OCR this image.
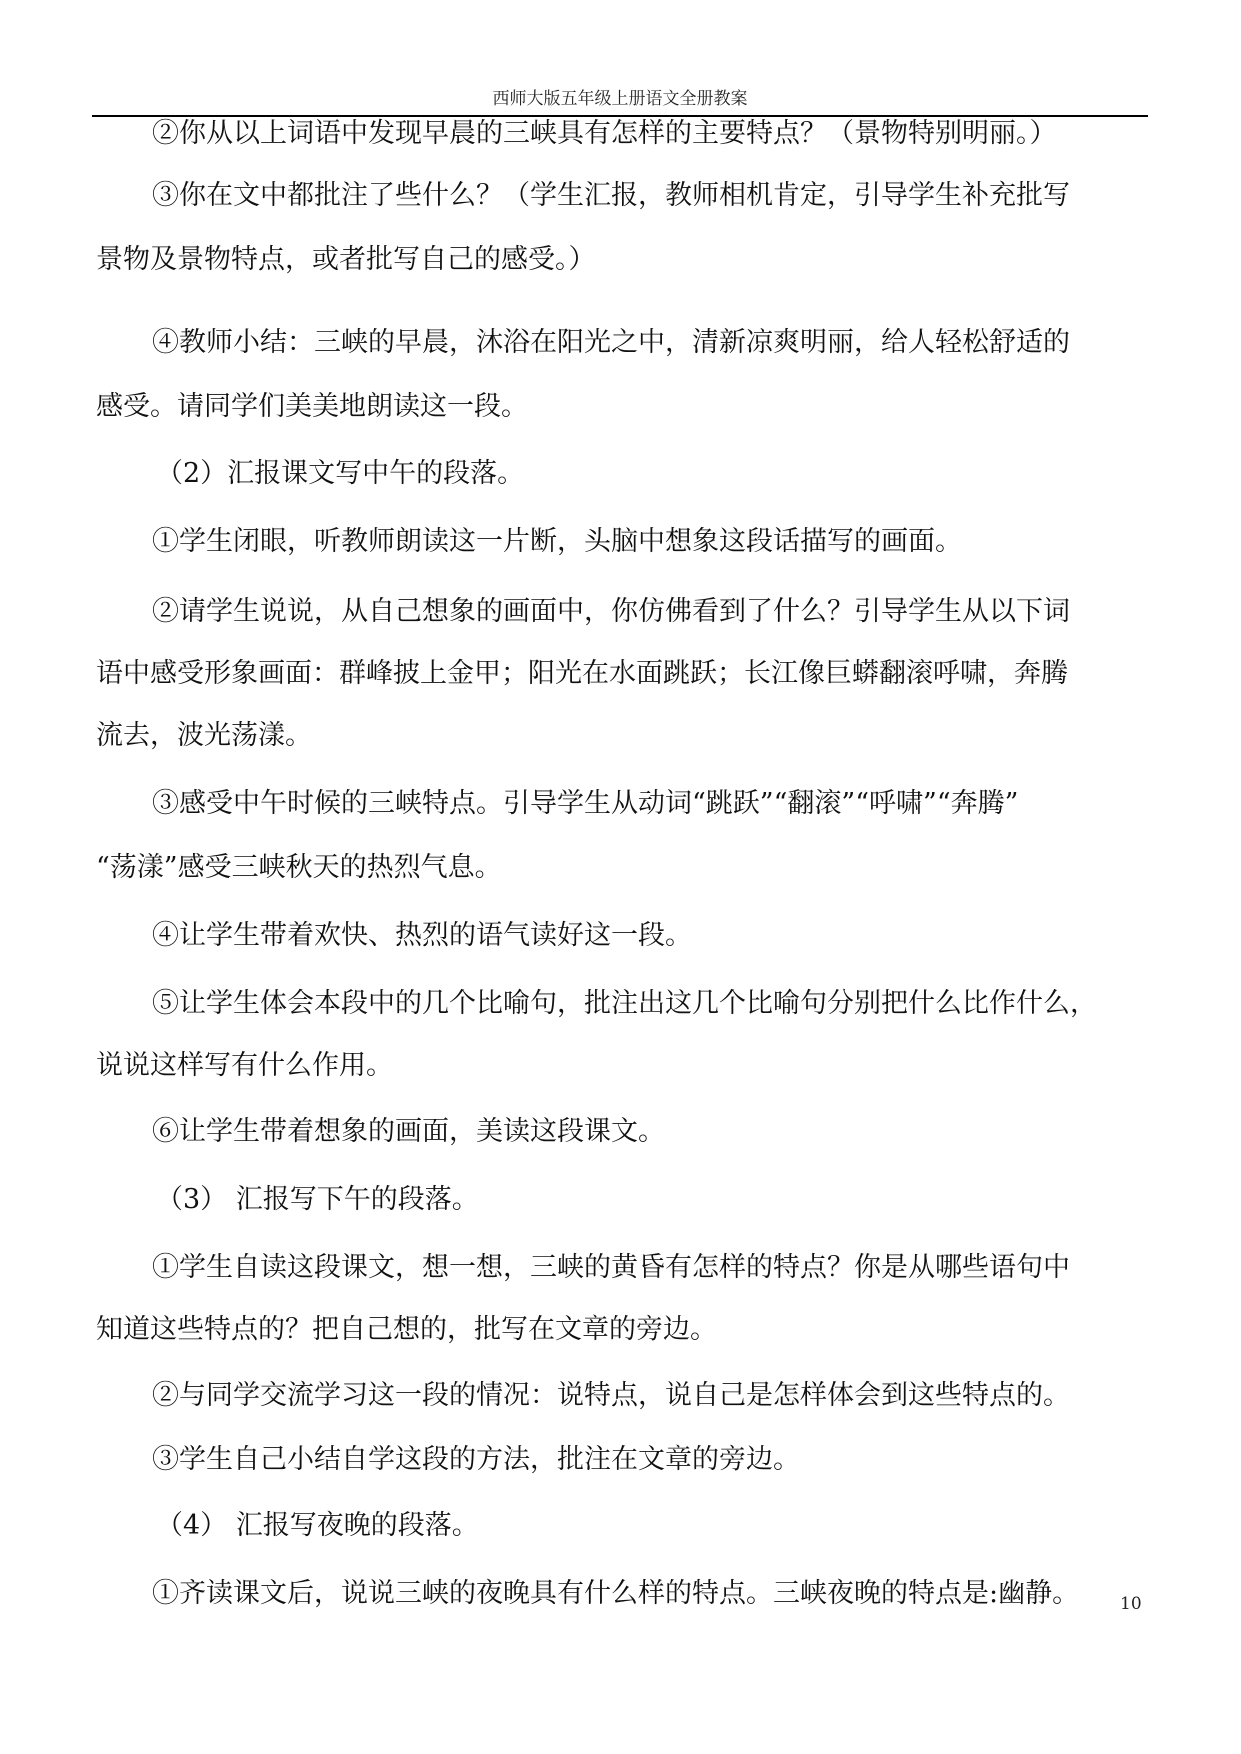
西师大版五年级上册语文全册教案
②你从以上词语中发现早晨的三峡具有怎样的主要特点？（景物特别明丽。）
③你在文中都批注了些什么？（学生汇报，教师相机肯定，引导学生补充批写
景物及景物特点，或者批写自己的感受。）
④教师小结：三峡的早晨，沐浴在阳光之中，清新凉爽明丽，给人轻松舒适的
感受。请同学们美美地朗读这一段。
（2）汇报课文写中午的段落。
①学生闭眼，听教师朗读这一片断，头脑中想象这段话描写的画面。
②请学生说说，从自己想象的画面中，你仿佛看到了什么？引导学生从以下词
语中感受形象画面：群峰披上金甲；阳光在水面跳跃；长江像巨蟒翻滚呼啸，奔腾
流去，波光荡漾。
③感受中午时候的三峡特点。引导学生从动词“跳跃”“翻滚”“呼啸”“奔腾”
“荡漾”感受三峡秋天的热烈气息。
④让学生带着欢快、热烈的语气读好这一段。
⑤让学生体会本段中的几个比喻句，批注出这几个比喻句分别把什么比作什么，
说说这样写有什么作用。
⑥让学生带着想象的画面，美读这段课文。
（3） 汇报写下午的段落。
①学生自读这段课文，想一想，三峡的黄昏有怎样的特点？你是从哪些语句中
知道这些特点的？把自己想的，批写在文章的旁边。
②与同学交流学习这一段的情况：说特点，说自己是怎样体会到这些特点的。
③学生自己小结自学这段的方法，批注在文章的旁边。
（4） 汇报写夜晚的段落。
①齐读课文后，说说三峡的夜晚具有什么样的特点。三峡夜晚的特点是:幽静。	10
